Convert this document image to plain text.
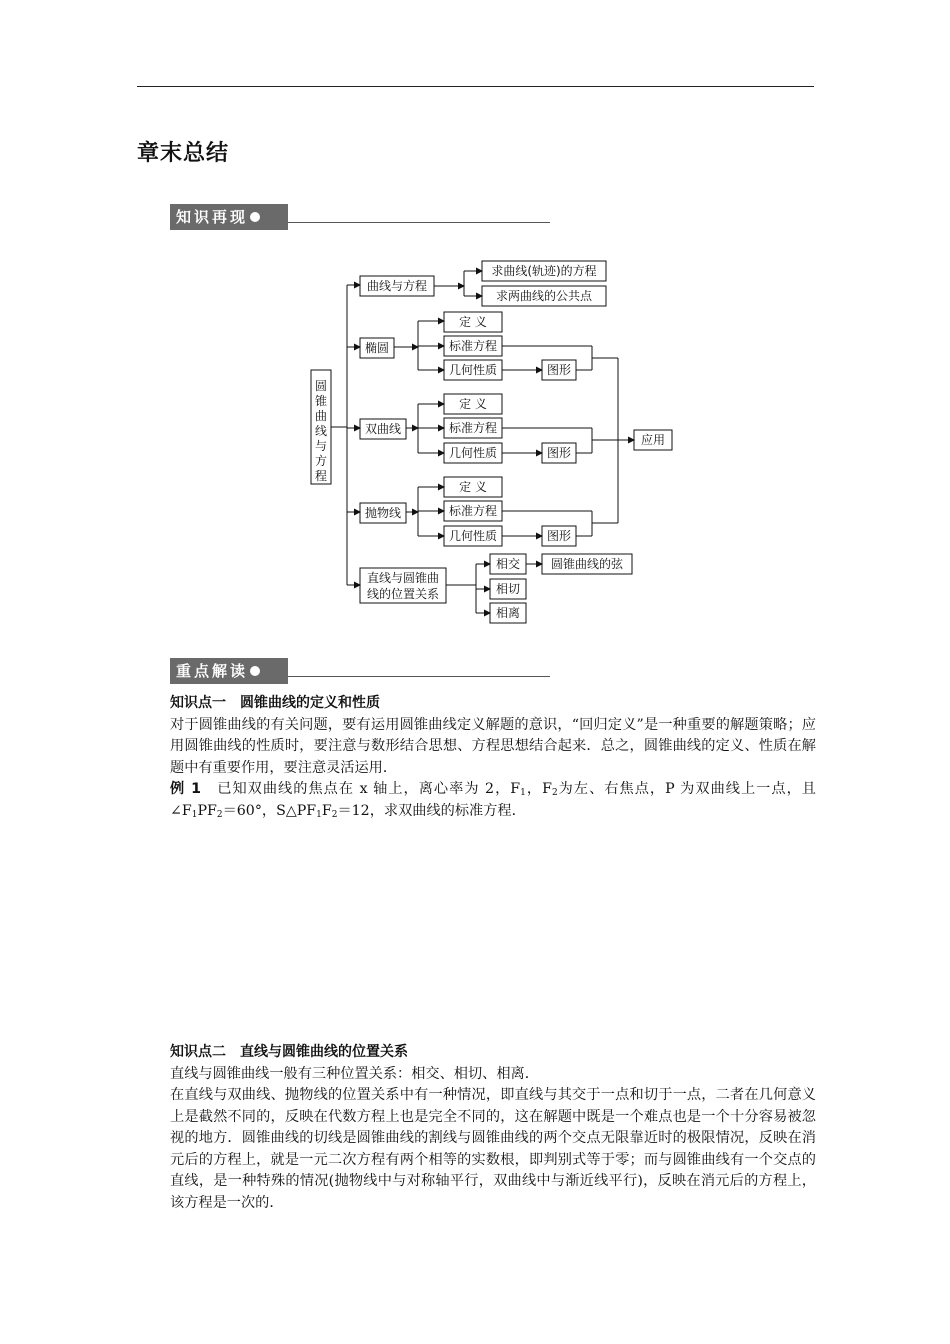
章末总结
知识再现
圆
锥
曲
线
与
方
程
曲线与方程
椭圆
双曲线
抛物线
直线与圆锥曲
线的位置关系
求曲线(轨迹)的方程
求两曲线的公共点
定 义
标准方程
几何性质	图形
定 义
标准方程
几何性质	图形
定 义
标准方程
几何性质	图形
应用
相交
相切
相离
圆锥曲线的弦
重点解读

知识点一　圆锥曲线的定义和性质

对于圆锥曲线的有关问题，要有运用圆锥曲线定义解题的意识，“回归定义”是一种重要的解题策略；应用圆锥曲线的性质时，要注意与数形结合思想、方程思想结合起来．总之，圆锥曲线的定义、性质在解题中有重要作用，要注意灵活运用．

例 1　 已知双曲线的焦点在 x 轴上，离心率为 2，$F_1$，$F_2$为左、右焦点，P 为双曲线上一点，且$\angle F_1PF_2=60^\circ$，$S\triangle PF_1F_2=12$，求双曲线的标准方程．

知识点二　直线与圆锥曲线的位置关系

直线与圆锥曲线一般有三种位置关系：相交、相切、相离．

在直线与双曲线、抛物线的位置关系中有一种情况，即直线与其交于一点和切于一点，二者在几何意义上是截然不同的，反映在代数方程上也是完全不同的，这在解题中既是一个难点也是一个十分容易被忽视的地方．圆锥曲线的切线是圆锥曲线的割线与圆锥曲线的两个交点无限靠近时的极限情况，反映在消元后的方程上，就是一元二次方程有两个相等的实数根，即判别式等于零；而与圆锥曲线有一个交点的直线，是一种特殊的情况(抛物线中与对称轴平行，双曲线中与渐近线平行)，反映在消元后的方程上，该方程是一次的．
